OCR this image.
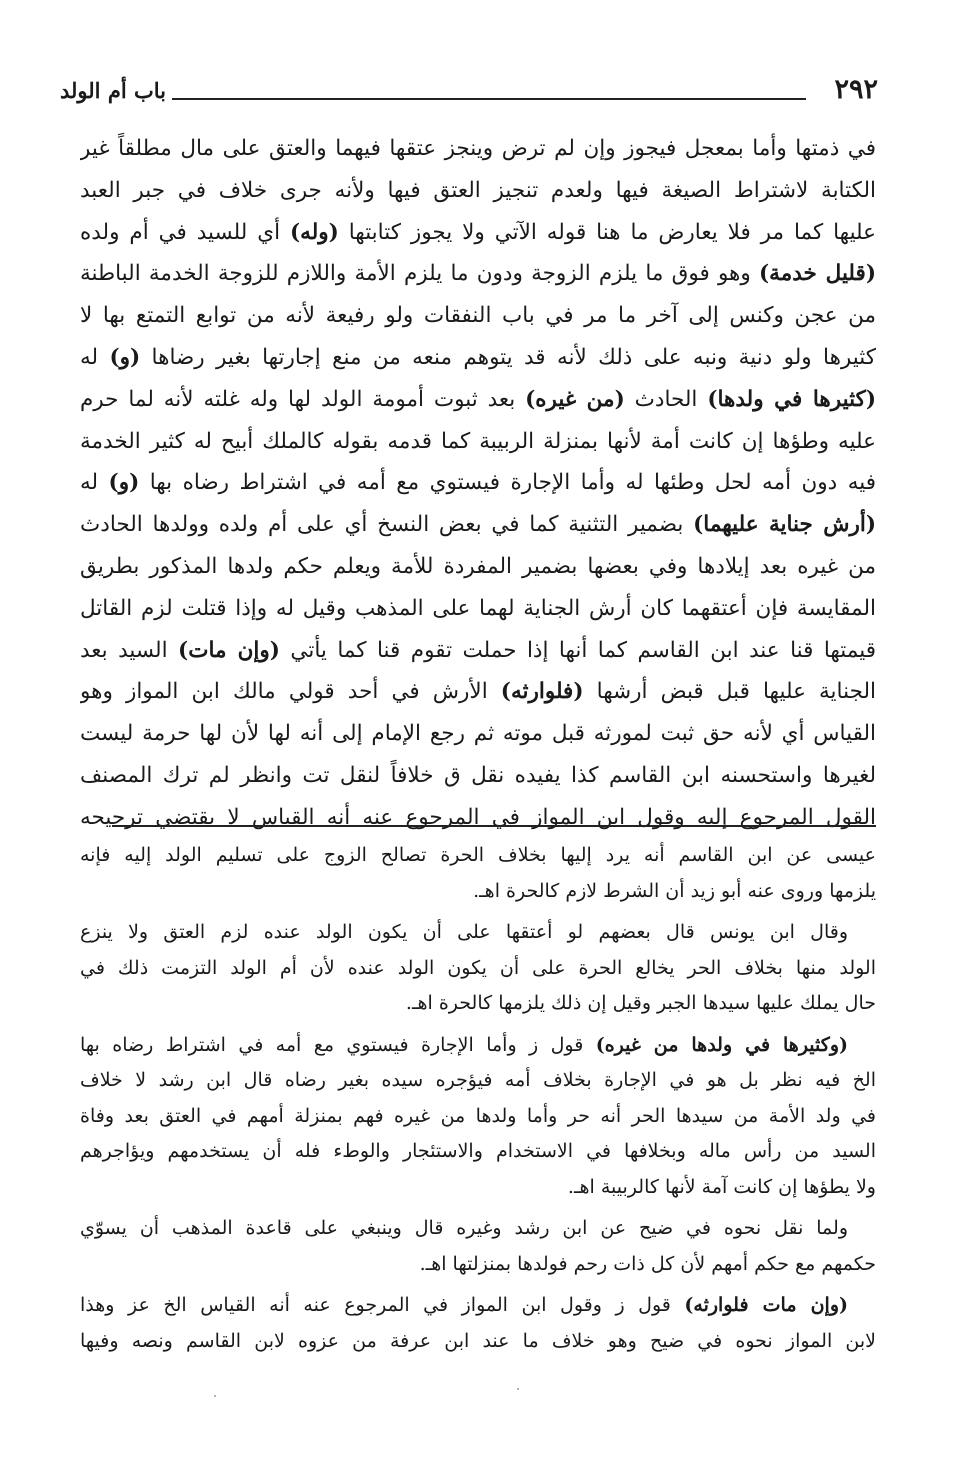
٢٩٢
باب أم الولد
في ذمتها وأما بمعجل فيجوز وإن لم ترض وينجز عتقها فيهما والعتق على مال مطلقاً غير
الكتابة لاشتراط الصيغة فيها ولعدم تنجيز العتق فيها ولأنه جرى خلاف في جبر العبد
عليها كما مر فلا يعارض ما هنا قوله الآتي ولا يجوز كتابتها (وله) أي للسيد في أم ولده
(قليل خدمة) وهو فوق ما يلزم الزوجة ودون ما يلزم الأمة واللازم للزوجة الخدمة الباطنة
من عجن وكنس إلى آخر ما مر في باب النفقات ولو رفيعة لأنه من توابع التمتع بها لا
كثيرها ولو دنية ونبه على ذلك لأنه قد يتوهم منعه من منع إجارتها بغير رضاها (و) له
(كثيرها في ولدها) الحادث (من غيره) بعد ثبوت أمومة الولد لها وله غلته لأنه لما حرم
عليه وطؤها إن كانت أمة لأنها بمنزلة الربيبة كما قدمه بقوله كالملك أبيح له كثير الخدمة
فيه دون أمه لحل وطئها له وأما الإجارة فيستوي مع أمه في اشتراط رضاه بها (و) له
(أرش جناية عليهما) بضمير التثنية كما في بعض النسخ أي على أم ولده وولدها الحادث
من غيره بعد إيلادها وفي بعضها بضمير المفردة للأمة ويعلم حكم ولدها المذكور بطريق
المقايسة فإن أعتقهما كان أرش الجناية لهما على المذهب وقيل له وإذا قتلت لزم القاتل
قيمتها قنا عند ابن القاسم كما أنها إذا حملت تقوم قنا كما يأتي (وإن مات) السيد بعد
الجناية عليها قبل قبض أرشها (فلوارثه) الأرش في أحد قولي مالك ابن المواز وهو
القياس أي لأنه حق ثبت لمورثه قبل موته ثم رجع الإمام إلى أنه لها لأن لها حرمة ليست
لغيرها واستحسنه ابن القاسم كذا يفيده نقل ق خلافاً لنقل تت وانظر لم ترك المصنف
القول المرجوع إليه وقول ابن المواز في المرجوع عنه أنه القياس لا يقتضي ترجيحه
عيسى عن ابن القاسم أنه يرد إليها بخلاف الحرة تصالح الزوج على تسليم الولد إليه فإنه
يلزمها وروى عنه أبو زيد أن الشرط لازم كالحرة اهـ.
وقال ابن يونس قال بعضهم لو أعتقها على أن يكون الولد عنده لزم العتق ولا ينزع
الولد منها بخلاف الحر يخالع الحرة على أن يكون الولد عنده لأن أم الولد التزمت ذلك في
حال يملك عليها سيدها الجبر وقيل إن ذلك يلزمها كالحرة اهـ.
(وكثيرها في ولدها من غيره) قول ز وأما الإجارة فيستوي مع أمه في اشتراط رضاه بها
الخ فيه نظر بل هو في الإجارة بخلاف أمه فيؤجره سيده بغير رضاه قال ابن رشد لا خلاف
في ولد الأمة من سيدها الحر أنه حر وأما ولدها من غيره فهم بمنزلة أمهم في العتق بعد وفاة
السيد من رأس ماله وبخلافها في الاستخدام والاستئجار والوطء فله أن يستخدمهم ويؤاجرهم
ولا يطؤها إن كانت آمة لأنها كالربيبة اهـ.
ولما نقل نحوه في ضيح عن ابن رشد وغيره قال وينبغي على قاعدة المذهب أن يسوّي
حكمهم مع حكم أمهم لأن كل ذات رحم فولدها بمنزلتها اهـ.
(وإن مات فلوارثه) قول ز وقول ابن المواز في المرجوع عنه أنه القياس الخ عز وهذا
لابن المواز نحوه في ضيح وهو خلاف ما عند ابن عرفة من عزوه لابن القاسم ونصه وفيها
